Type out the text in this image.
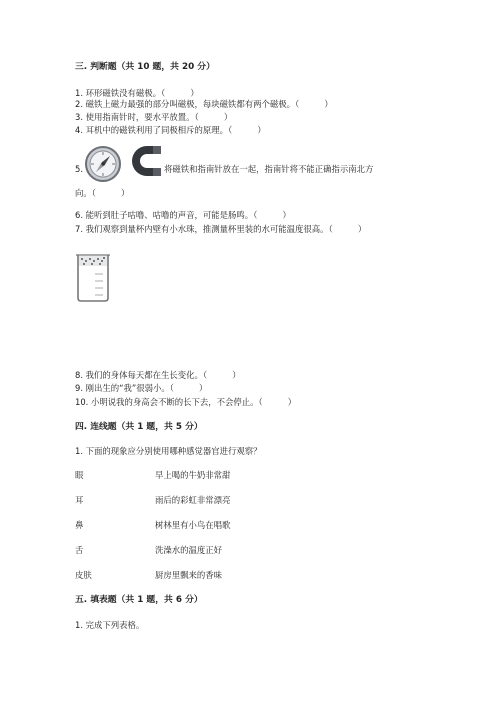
三. 判断题（共 10 题，共 20 分）
1. 环形磁铁没有磁极。（　　　）
2. 磁铁上磁力最强的部分叫磁极，每块磁铁都有两个磁极。（　　　）
3. 使用指南针时，要水平放置。（　　　）
4. 耳机中的磁铁利用了同极相斥的原理。（　　　）
5.	将磁铁和指南针放在一起，指南针将不能正确指示南北方
向。（　　　）
6. 能听到肚子咕噜、咕噜的声音，可能是肠鸣。（　　　）
7. 我们观察到量杯内壁有小水珠，推测量杯里装的水可能温度很高。（　　　）
8. 我们的身体每天都在生长变化。（　　　）
9. 刚出生的“我”很弱小。（　　　）
10. 小明说我的身高会不断的长下去，不会停止。（　　　）
四. 连线题（共 1 题，共 5 分）
1. 下面的现象应分别使用哪种感觉器官进行观察？
眼	早上喝的牛奶非常甜
耳	雨后的彩虹非常漂亮
鼻	树林里有小鸟在唱歌
舌	洗澡水的温度正好
皮肤	厨房里飘来的香味
五. 填表题（共 1 题，共 6 分）
1. 完成下列表格。
